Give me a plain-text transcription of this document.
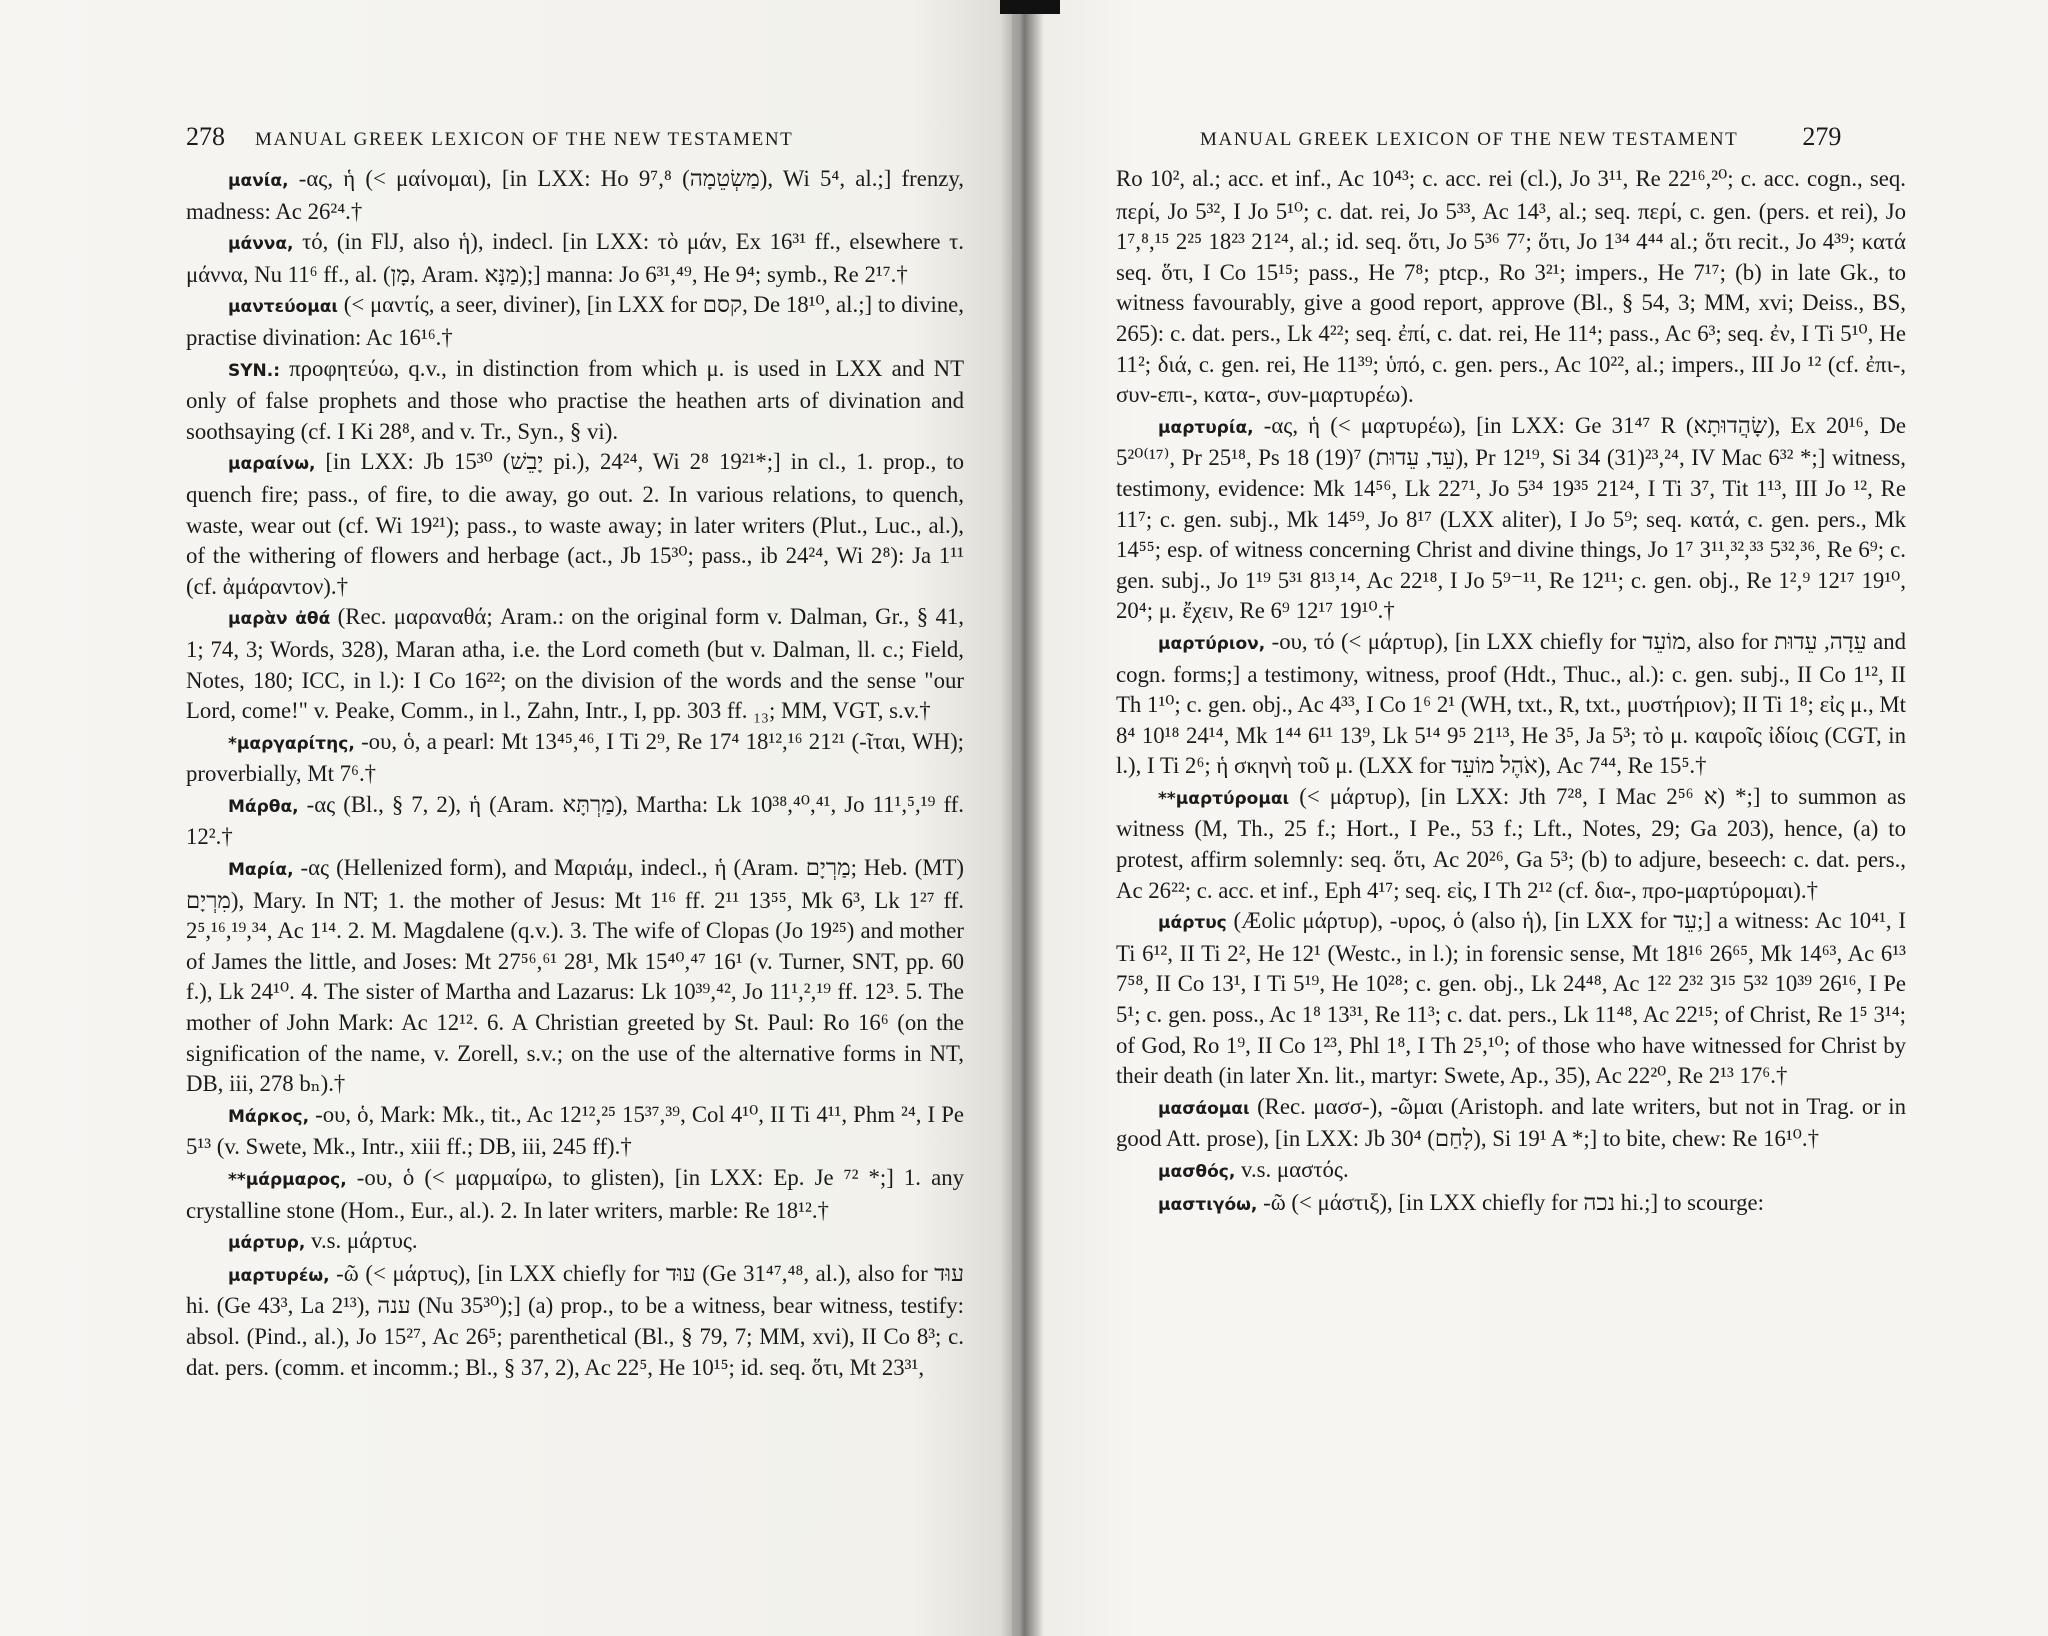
278 MANUAL GREEK LEXICON OF THE NEW TESTAMENT

μανία, -ας, ἡ (< μαίνομαι), [in LXX: Ho 9⁷,⁸ (מַשְׂטֵמָה), Wi 5⁴, al.;] frenzy, madness: Ac 26²⁴.†

μάννα, τό, (in FlJ, also ἡ), indecl. [in LXX: τὸ μάν, Ex 16³¹ ff., elsewhere τ. μάννα, Nu 11⁶ ff., al. (מָן, Aram. מַנָּא);] manna: Jo 6³¹,⁴⁹, He 9⁴; symb., Re 2¹⁷.†

μαντεύομαι (< μαντίς, a seer, diviner), [in LXX for קסם, De 18¹⁰, al.;] to divine, practise divination: Ac 16¹⁶.†

SYN.: προφητεύω, q.v., in distinction from which μ. is used in LXX and NT only of false prophets and those who practise the heathen arts of divination and soothsaying (cf. I Ki 28⁸, and v. Tr., Syn., § vi).

μαραίνω, [in LXX: Jb 15³⁰ (יָבֵשׁ pi.), 24²⁴, Wi 2⁸ 19²¹*;] in cl., 1. prop., to quench fire; pass., of fire, to die away, go out. 2. In various relations, to quench, waste, wear out (cf. Wi 19²¹); pass., to waste away; in later writers (Plut., Luc., al.), of the withering of flowers and herbage (act., Jb 15³⁰; pass., ib 24²⁴, Wi 2⁸): Ja 1¹¹ (cf. ἀμάραντον).†

μαρὰν ἀθά (Rec. μαραναθά; Aram.: on the original form v. Dalman, Gr., § 41, 1; 74, 3; Words, 328), Maran atha, i.e. the Lord cometh (but v. Dalman, ll. c.; Field, Notes, 180; ICC, in l.): I Co 16²²; on the division of the words and the sense "our Lord, come!" v. Peake, Comm., in l., Zahn, Intr., I, pp. 303 ff. ₁₃; MM, VGT, s.v.†

*μαργαρίτης, -ου, ὁ, a pearl: Mt 13⁴⁵,⁴⁶, I Ti 2⁹, Re 17⁴ 18¹²,¹⁶ 21²¹ (-ῖται, WH); proverbially, Mt 7⁶.†

Μάρθα, -ας (Bl., § 7, 2), ἡ (Aram. מַרְתָּא), Martha: Lk 10³⁸,⁴⁰,⁴¹, Jo 11¹,⁵,¹⁹ ff. 12².†

Μαρία, -ας (Hellenized form), and Μαριάμ, indecl., ἡ (Aram. מַרְיָם; Heb. (MT) מִרְיָם), Mary. In NT; 1. the mother of Jesus: Mt 1¹⁶ ff. 2¹¹ 13⁵⁵, Mk 6³, Lk 1²⁷ ff. 2⁵,¹⁶,¹⁹,³⁴, Ac 1¹⁴. 2. M. Magdalene (q.v.). 3. The wife of Clopas (Jo 19²⁵) and mother of James the little, and Joses: Mt 27⁵⁶,⁶¹ 28¹, Mk 15⁴⁰,⁴⁷ 16¹ (v. Turner, SNT, pp. 60 f.), Lk 24¹⁰. 4. The sister of Martha and Lazarus: Lk 10³⁹,⁴², Jo 11¹,²,¹⁹ ff. 12³. 5. The mother of John Mark: Ac 12¹². 6. A Christian greeted by St. Paul: Ro 16⁶ (on the signification of the name, v. Zorell, s.v.; on the use of the alternative forms in NT, DB, iii, 278 bₙ).†

Μάρκος, -ου, ὁ, Mark: Mk., tit., Ac 12¹²,²⁵ 15³⁷,³⁹, Col 4¹⁰, II Ti 4¹¹, Phm ²⁴, I Pe 5¹³ (v. Swete, Mk., Intr., xiii ff.; DB, iii, 245 ff).†

**μάρμαρος, -ου, ὁ (< μαρμαίρω, to glisten), [in LXX: Ep. Je ⁷² *;] 1. any crystalline stone (Hom., Eur., al.). 2. In later writers, marble: Re 18¹².†

μάρτυρ, v.s. μάρτυς.

μαρτυρέω, -ῶ (< μάρτυς), [in LXX chiefly for עוּד (Ge 31⁴⁷,⁴⁸, al.), also for עוּד hi. (Ge 43³, La 2¹³), ענה (Nu 35³⁰);] (a) prop., to be a witness, bear witness, testify: absol. (Pind., al.), Jo 15²⁷, Ac 26⁵; parenthetical (Bl., § 79, 7; MM, xvi), II Co 8³; c. dat. pers. (comm. et incomm.; Bl., § 37, 2), Ac 22⁵, He 10¹⁵; id. seq. ὅτι, Mt 23³¹,

MANUAL GREEK LEXICON OF THE NEW TESTAMENT 279

Ro 10², al.; acc. et inf., Ac 10⁴³; c. acc. rei (cl.), Jo 3¹¹, Re 22¹⁶,²⁰; c. acc. cogn., seq. περί, Jo 5³², I Jo 5¹⁰; c. dat. rei, Jo 5³³, Ac 14³, al.; seq. περί, c. gen. (pers. et rei), Jo 1⁷,⁸,¹⁵ 2²⁵ 18²³ 21²⁴, al.; id. seq. ὅτι, Jo 5³⁶ 7⁷; ὅτι, Jo 1³⁴ 4⁴⁴ al.; ὅτι recit., Jo 4³⁹; κατά seq. ὅτι, I Co 15¹⁵; pass., He 7⁸; ptcp., Ro 3²¹; impers., He 7¹⁷; (b) in late Gk., to witness favourably, give a good report, approve (Bl., § 54, 3; MM, xvi; Deiss., BS, 265): c. dat. pers., Lk 4²²; seq. ἐπί, c. dat. rei, He 11⁴; pass., Ac 6³; seq. ἐν, I Ti 5¹⁰, He 11²; διά, c. gen. rei, He 11³⁹; ὑπό, c. gen. pers., Ac 10²², al.; impers., III Jo ¹² (cf. ἐπι-, συν-επι-, κατα-, συν-μαρτυρέω).

μαρτυρία, -ας, ἡ (< μαρτυρέω), [in LXX: Ge 31⁴⁷ R (שָׂהֲדוּתָא), Ex 20¹⁶, De 5²⁰⁽¹⁷⁾, Pr 25¹⁸, Ps 18 (19)⁷ (עֵד, עֵדוּת), Pr 12¹⁹, Si 34 (31)²³,²⁴, IV Mac 6³² *;] witness, testimony, evidence: Mk 14⁵⁶, Lk 22⁷¹, Jo 5³⁴ 19³⁵ 21²⁴, I Ti 3⁷, Tit 1¹³, III Jo ¹², Re 11⁷; c. gen. subj., Mk 14⁵⁹, Jo 8¹⁷ (LXX aliter), I Jo 5⁹; seq. κατά, c. gen. pers., Mk 14⁵⁵; esp. of witness concerning Christ and divine things, Jo 1⁷ 3¹¹,³²,³³ 5³²,³⁶, Re 6⁹; c. gen. subj., Jo 1¹⁹ 5³¹ 8¹³,¹⁴, Ac 22¹⁸, I Jo 5⁹⁻¹¹, Re 12¹¹; c. gen. obj., Re 1²,⁹ 12¹⁷ 19¹⁰, 20⁴; μ. ἔχειν, Re 6⁹ 12¹⁷ 19¹⁰.†

μαρτύριον, -ου, τό (< μάρτυρ), [in LXX chiefly for מוֹעֵד, also for עֵדָה, עֵדוּת and cogn. forms;] a testimony, witness, proof (Hdt., Thuc., al.): c. gen. subj., II Co 1¹², II Th 1¹⁰; c. gen. obj., Ac 4³³, I Co 1⁶ 2¹ (WH, txt., R, txt., μυστήριον); II Ti 1⁸; εἰς μ., Mt 8⁴ 10¹⁸ 24¹⁴, Mk 1⁴⁴ 6¹¹ 13⁹, Lk 5¹⁴ 9⁵ 21¹³, He 3⁵, Ja 5³; τὸ μ. καιροῖς ἰδίοις (CGT, in l.), I Ti 2⁶; ἡ σκηνὴ τοῦ μ. (LXX for אֹהֶל מוֹעֵד), Ac 7⁴⁴, Re 15⁵.†

**μαρτύρομαι (< μάρτυρ), [in LXX: Jth 7²⁸, I Mac 2⁵⁶ א) *;] to summon as witness (M, Th., 25 f.; Hort., I Pe., 53 f.; Lft., Notes, 29; Ga 203), hence, (a) to protest, affirm solemnly: seq. ὅτι, Ac 20²⁶, Ga 5³; (b) to adjure, beseech: c. dat. pers., Ac 26²²; c. acc. et inf., Eph 4¹⁷; seq. εἰς, I Th 2¹² (cf. δια-, προ-μαρτύρομαι).†

μάρτυς (Æolic μάρτυρ), -υρος, ὁ (also ἡ), [in LXX for עֵד;] a witness: Ac 10⁴¹, I Ti 6¹², II Ti 2², He 12¹ (Westc., in l.); in forensic sense, Mt 18¹⁶ 26⁶⁵, Mk 14⁶³, Ac 6¹³ 7⁵⁸, II Co 13¹, I Ti 5¹⁹, He 10²⁸; c. gen. obj., Lk 24⁴⁸, Ac 1²² 2³² 3¹⁵ 5³² 10³⁹ 26¹⁶, I Pe 5¹; c. gen. poss., Ac 1⁸ 13³¹, Re 11³; c. dat. pers., Lk 11⁴⁸, Ac 22¹⁵; of Christ, Re 1⁵ 3¹⁴; of God, Ro 1⁹, II Co 1²³, Phl 1⁸, I Th 2⁵,¹⁰; of those who have witnessed for Christ by their death (in later Xn. lit., martyr: Swete, Ap., 35), Ac 22²⁰, Re 2¹³ 17⁶.†

μασάομαι (Rec. μασσ-), -ῶμαι (Aristoph. and late writers, but not in Trag. or in good Att. prose), [in LXX: Jb 30⁴ (לָחַם), Si 19¹ A *;] to bite, chew: Re 16¹⁰.†

μασθός, v.s. μαστός.

μαστιγόω, -ῶ (< μάστιξ), [in LXX chiefly for נכה hi.;] to scourge:
